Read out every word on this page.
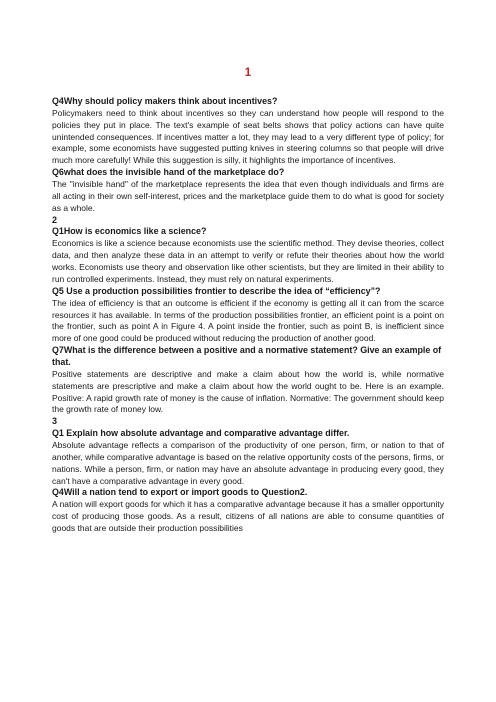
1
Q4Why should policy makers think about incentives?

Policymakers need to think about incentives so they can understand how people will respond to the policies they put in place. The text's example of seat belts shows that policy actions can have quite unintended consequences. If incentives matter a lot, they may lead to a very different type of policy; for example, some economists have suggested putting knives in steering columns so that people will drive much more carefully! While this suggestion is silly, it highlights the importance of incentives.

Q6what does the invisible hand of the marketplace do?

The "invisible hand" of the marketplace represents the idea that even though individuals and firms are all acting in their own self-interest, prices and the marketplace guide them to do what is good for society as a whole.

2
Q1How is economics like a science?

Economics is like a science because economists use the scientific method. They devise theories, collect data, and then analyze these data in an attempt to verify or refute their theories about how the world works. Economists use theory and observation like other scientists, but they are limited in their ability to run controlled experiments. Instead, they must rely on natural experiments.

Q5 Use a production possibilities frontier to describe the idea of “efficiency”?

The idea of efficiency is that an outcome is efficient if the economy is getting all it can from the scarce resources it has available. In terms of the production possibilities frontier, an efficient point is a point on the frontier, such as point A in Figure 4. A point inside the frontier, such as point B, is inefficient since more of one good could be produced without reducing the production of another good.

Q7What is the difference between a positive and a normative statement? Give an example of that.

Positive statements are descriptive and make a claim about how the world is, while normative statements are prescriptive and make a claim about how the world ought to be. Here is an example. Positive: A rapid growth rate of money is the cause of inflation. Normative: The government should keep the growth rate of money low.

3
Q1 Explain how absolute advantage and comparative advantage differ.

Absolute advantage reflects a comparison of the productivity of one person, firm, or nation to that of another, while comparative advantage is based on the relative opportunity costs of the persons, firms, or nations. While a person, firm, or nation may have an absolute advantage in producing every good, they can't have a comparative advantage in every good.

Q4Will a nation tend to export or import goods to Question2.

A nation will export goods for which it has a comparative advantage because it has a smaller opportunity cost of producing those goods. As a result, citizens of all nations are able to consume quantities of goods that are outside their production possibilities
